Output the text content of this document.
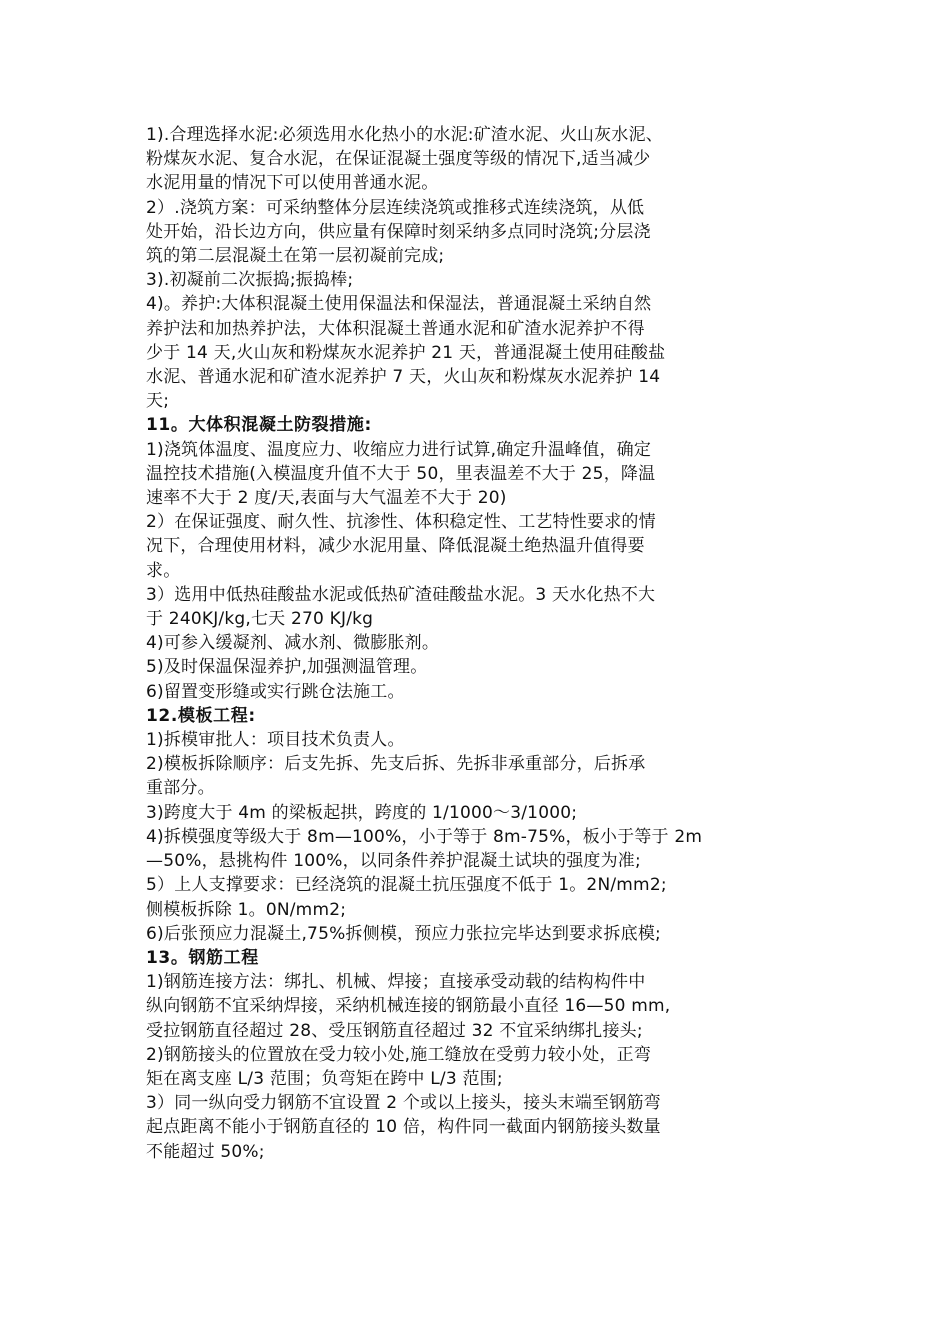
1).合理选择水泥:必须选用水化热小的水泥:矿渣水泥、火山灰水泥、
粉煤灰水泥、复合水泥，在保证混凝土强度等级的情况下,适当减少
水泥用量的情况下可以使用普通水泥。
2）.浇筑方案：可采纳整体分层连续浇筑或推移式连续浇筑，从低
处开始，沿长边方向，供应量有保障时刻采纳多点同时浇筑;分层浇
筑的第二层混凝土在第一层初凝前完成;
3).初凝前二次振捣;振捣棒;
4)。养护:大体积混凝土使用保温法和保湿法，普通混凝土采纳自然
养护法和加热养护法，大体积混凝土普通水泥和矿渣水泥养护不得
少于 14 天,火山灰和粉煤灰水泥养护 21 天，普通混凝土使用硅酸盐
水泥、普通水泥和矿渣水泥养护 7 天，火山灰和粉煤灰水泥养护 14
天;
11。大体积混凝土防裂措施:
1)浇筑体温度、温度应力、收缩应力进行试算,确定升温峰值，确定
温控技术措施(入模温度升值不大于 50，里表温差不大于 25，降温
速率不大于 2 度/天,表面与大气温差不大于 20)
2）在保证强度、耐久性、抗渗性、体积稳定性、工艺特性要求的情
况下，合理使用材料，减少水泥用量、降低混凝土绝热温升值得要
求。
3）选用中低热硅酸盐水泥或低热矿渣硅酸盐水泥。3 天水化热不大
于 240KJ/kg,七天 270 KJ/kg
4)可参入缓凝剂、减水剂、微膨胀剂。
5)及时保温保湿养护,加强测温管理。
6)留置变形缝或实行跳仓法施工。
12.模板工程:
1)拆模审批人：项目技术负责人。
2)模板拆除顺序：后支先拆、先支后拆、先拆非承重部分，后拆承
重部分。
3)跨度大于 4m 的梁板起拱，跨度的 1/1000～3/1000;
4)拆模强度等级大于 8m—100%，小于等于 8m-75%，板小于等于 2m
—50%，悬挑构件 100%，以同条件养护混凝土试块的强度为准;
5）上人支撑要求：已经浇筑的混凝土抗压强度不低于 1。2N/mm2;
侧模板拆除 1。0N/mm2;
6)后张预应力混凝土,75%拆侧模，预应力张拉完毕达到要求拆底模;
13。钢筋工程
1)钢筋连接方法：绑扎、机械、焊接；直接承受动载的结构构件中
纵向钢筋不宜采纳焊接，采纳机械连接的钢筋最小直径 16—50 mm,
受拉钢筋直径超过 28、受压钢筋直径超过 32 不宜采纳绑扎接头;
2)钢筋接头的位置放在受力较小处,施工缝放在受剪力较小处，正弯
矩在离支座 L/3 范围；负弯矩在跨中 L/3 范围;
3）同一纵向受力钢筋不宜设置 2 个或以上接头，接头末端至钢筋弯
起点距离不能小于钢筋直径的 10 倍，构件同一截面内钢筋接头数量
不能超过 50%;
